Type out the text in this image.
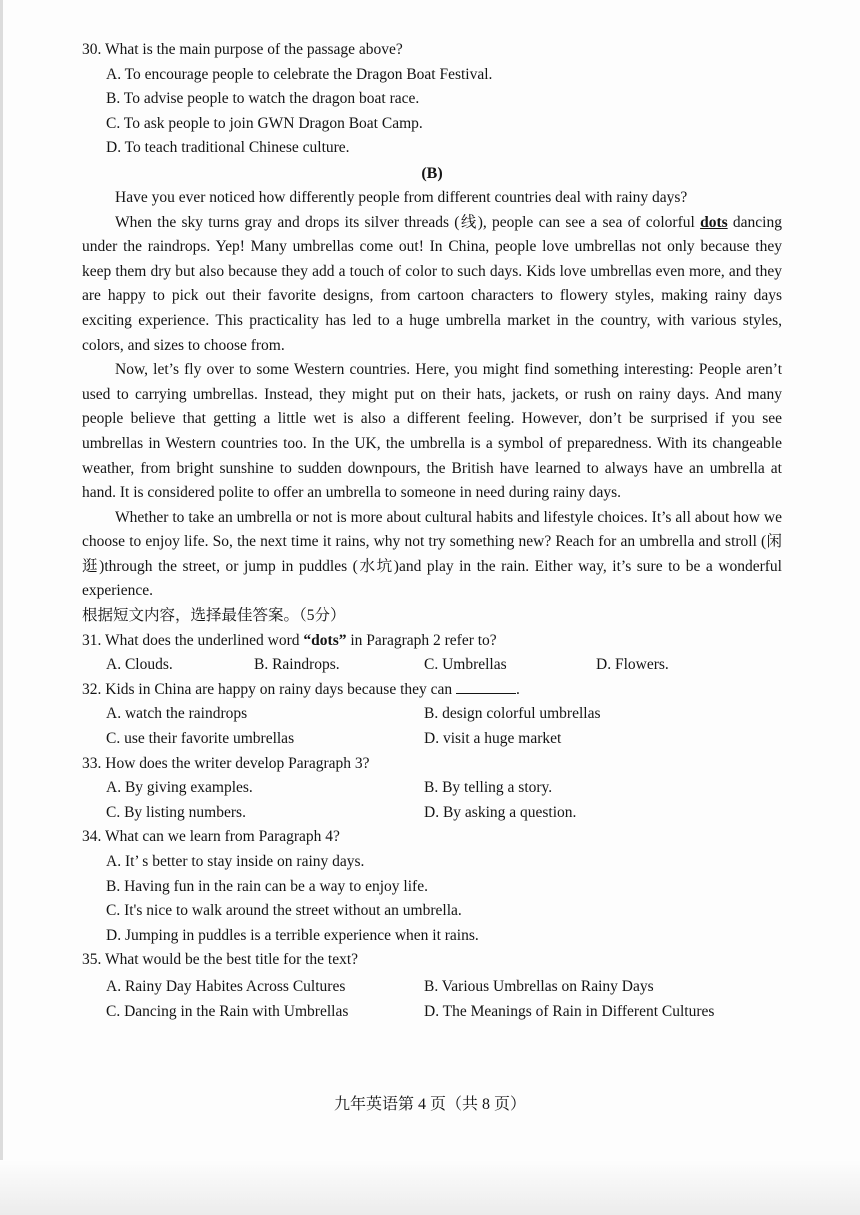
30. What is the main purpose of the passage above?
A. To encourage people to celebrate the Dragon Boat Festival.
B. To advise people to watch the dragon boat race.
C. To ask people to join GWN Dragon Boat Camp.
D. To teach traditional Chinese culture.
(B)

Have you ever noticed how differently people from different countries deal with rainy days?

When the sky turns gray and drops its silver threads (线), people can see a sea of colorful dots dancing under the raindrops. Yep! Many umbrellas come out! In China, people love umbrellas not only because they keep them dry but also because they add a touch of color to such days. Kids love umbrellas even more, and they are happy to pick out their favorite designs, from cartoon characters to flowery styles, making rainy days exciting experience. This practicality has led to a huge umbrella market in the country, with various styles, colors, and sizes to choose from.

Now, let’s fly over to some Western countries. Here, you might find something interesting: People aren’t used to carrying umbrellas. Instead, they might put on their hats, jackets, or rush on rainy days. And many people believe that getting a little wet is also a different feeling. However, don’t be surprised if you see umbrellas in Western countries too. In the UK, the umbrella is a symbol of preparedness. With its changeable weather, from bright sunshine to sudden downpours, the British have learned to always have an umbrella at hand. It is considered polite to offer an umbrella to someone in need during rainy days.

Whether to take an umbrella or not is more about cultural habits and lifestyle choices. It’s all about how we choose to enjoy life. So, the next time it rains, why not try something new? Reach for an umbrella and stroll (闲逛)through the street, or jump in puddles (水坑)and play in the rain. Either way, it’s sure to be a wonderful experience.

根据短文内容，选择最佳答案。（5分）
31. What does the underlined word “dots” in Paragraph 2 refer to?
A. Clouds.	B. Raindrops.	C. Umbrellas	D. Flowers.
32. Kids in China are happy on rainy days because they can	.
A. watch the raindrops	B. design colorful umbrellas
C. use their favorite umbrellas	D. visit a huge market
33. How does the writer develop Paragraph 3?
A. By giving examples.	B. By telling a story.
C. By listing numbers.	D. By asking a question.
34. What can we learn from Paragraph 4?
A. It’ s better to stay inside on rainy days.
B. Having fun in the rain can be a way to enjoy life.
C. It's nice to walk around the street without an umbrella.
D. Jumping in puddles is a terrible experience when it rains.
35. What would be the best title for the text?
A. Rainy Day Habites Across Cultures	B. Various Umbrellas on Rainy Days
C. Dancing in the Rain with Umbrellas	D. The Meanings of Rain in Different Cultures
九年英语第 4 页（共 8 页）
